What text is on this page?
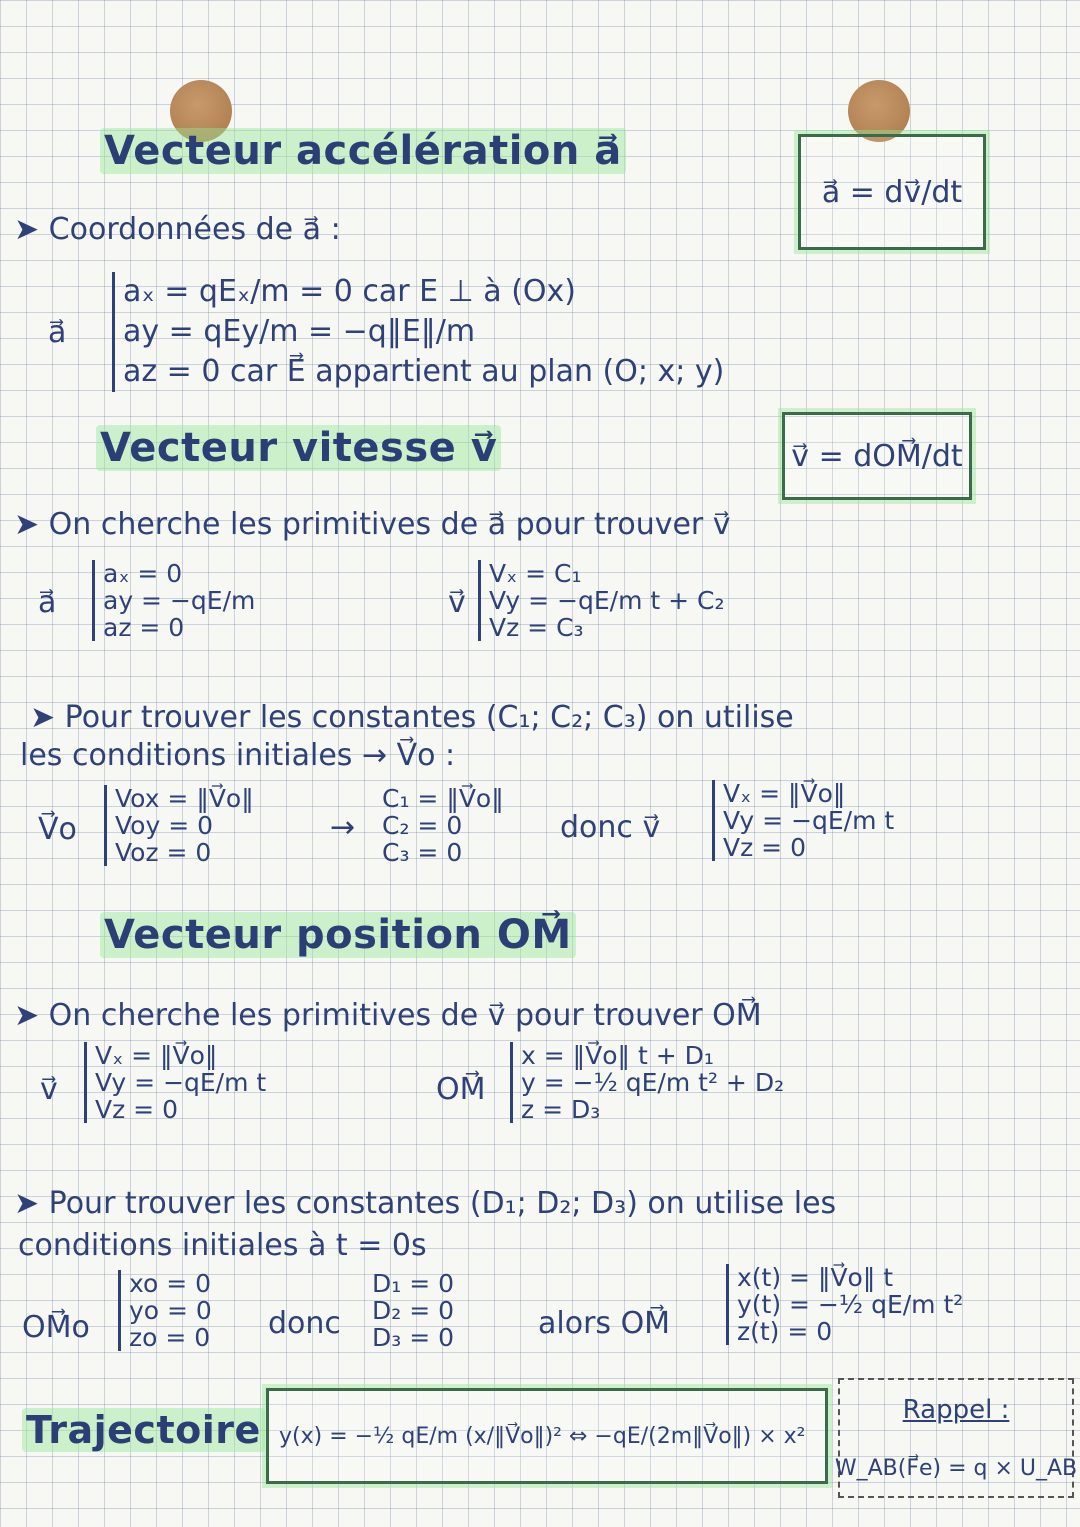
Vecteur accélération a⃗
a⃗ = dv⃗/dt
➤ Coordonnées de a⃗ :
a⃗
aₓ = qEₓ/m = 0 car E ⊥ à (Ox)
ay = qEy/m = −q‖E‖/m
az = 0 car E⃗ appartient au plan (O; x; y)
Vecteur vitesse v⃗	v⃗ = dOM⃗/dt
➤ On cherche les primitives de a⃗ pour trouver v⃗
a⃗
aₓ = 0
ay = −qE/m
az = 0
v⃗
Vₓ = C₁
Vy = −qE/m t + C₂
Vz = C₃
➤ Pour trouver les constantes (C₁; C₂; C₃) on utilise
les conditions initiales → V⃗o :
V⃗o
Vox = ‖V⃗o‖
Voy = 0
Voz = 0
→
C₁ = ‖V⃗o‖
C₂ = 0
C₃ = 0
donc v⃗
Vₓ = ‖V⃗o‖
Vy = −qE/m t
Vz = 0
Vecteur position OM⃗
➤ On cherche les primitives de v⃗ pour trouver OM⃗
v⃗
Vₓ = ‖V⃗o‖
Vy = −qE/m t
Vz = 0
OM⃗
x = ‖V⃗o‖ t + D₁
y = −½ qE/m t² + D₂
z = D₃
➤ Pour trouver les constantes (D₁; D₂; D₃) on utilise les
conditions initiales à t = 0s
OM⃗o
xo = 0
yo = 0
zo = 0 donc
D₁ = 0
D₂ = 0
D₃ = 0	alors OM⃗
x(t) = ‖V⃗o‖ t
y(t) = −½ qE/m t²
z(t) = 0
Trajectoire y(x) = −½ qE/m (x/‖V⃗o‖)² ⇔ −qE/(2m‖V⃗o‖) × x²
Rappel :
W_AB(F⃗e) = q × U_AB
